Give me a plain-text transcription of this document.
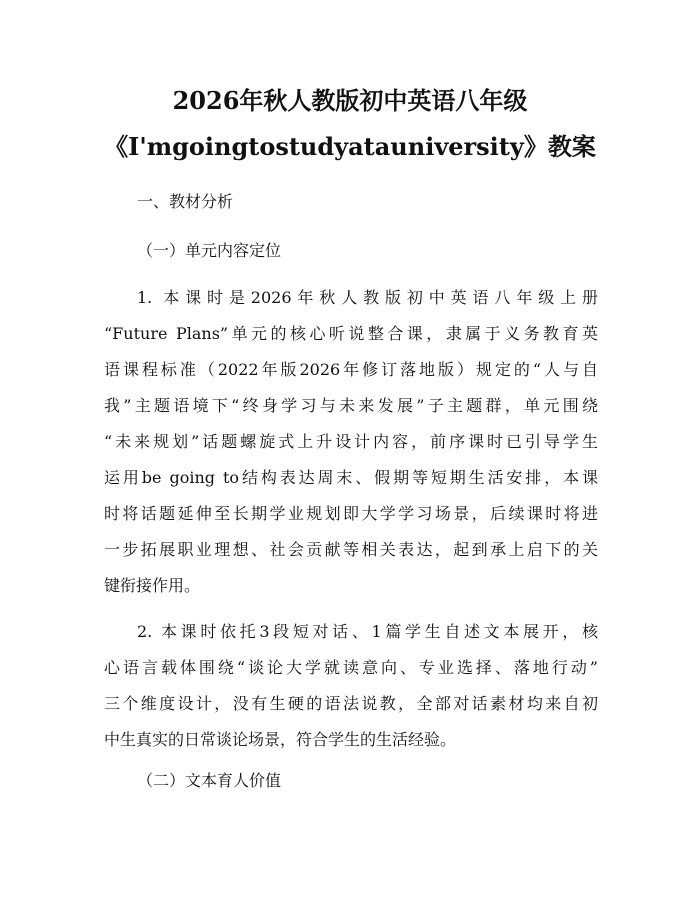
2026年秋人教版初中英语八年级
《I'mgoingtostudyatauniversity》教案
一、教材分析
（一）单元内容定位
1. 本课时是2026年秋人教版初中英语八年级上册
“Future Plans”单元的核心听说整合课，隶属于义务教育英
语课程标准（2022年版2026年修订落地版）规定的“人与自
我”主题语境下“终身学习与未来发展”子主题群，单元围绕
“未来规划”话题螺旋式上升设计内容，前序课时已引导学生
运用be going to结构表达周末、假期等短期生活安排，本课
时将话题延伸至长期学业规划即大学学习场景，后续课时将进
一步拓展职业理想、社会贡献等相关表达，起到承上启下的关
键衔接作用。
2. 本课时依托3段短对话、1篇学生自述文本展开，核
心语言载体围绕“谈论大学就读意向、专业选择、落地行动”
三个维度设计，没有生硬的语法说教，全部对话素材均来自初
中生真实的日常谈论场景，符合学生的生活经验。
（二）文本育人价值
